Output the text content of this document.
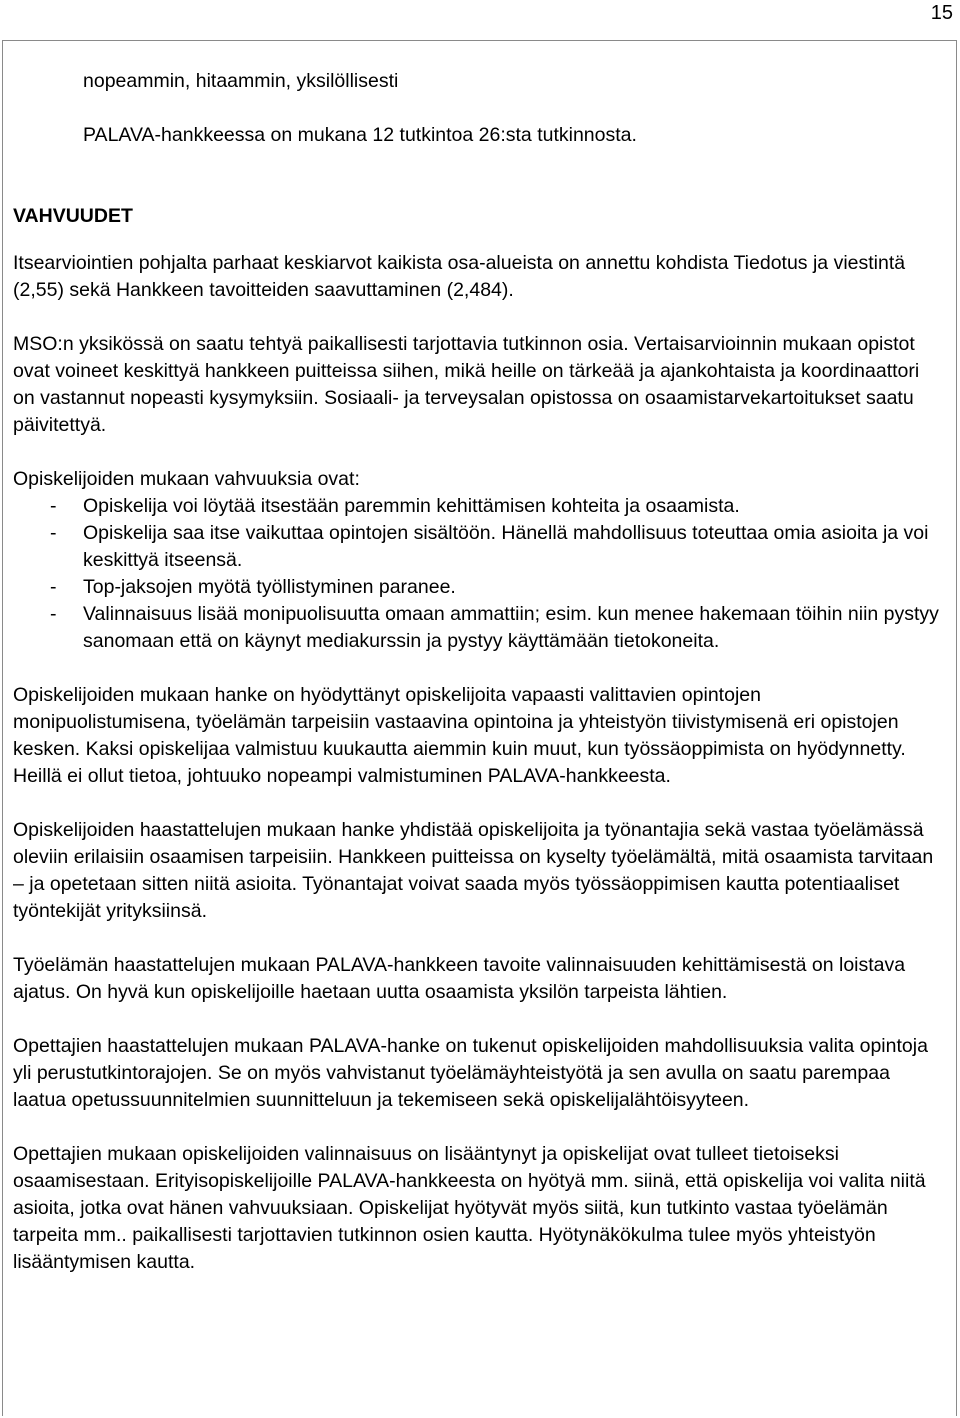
15

nopeammin, hitaammin, yksilöllisesti

PALAVA-hankkeessa on mukana 12 tutkintoa 26:sta tutkinnosta.

VAHVUUDET

Itsearviointien pohjalta parhaat keskiarvot kaikista osa-alueista on annettu kohdista Tiedotus ja viestintä (2,55) sekä Hankkeen tavoitteiden saavuttaminen (2,484).

MSO:n yksikössä on saatu tehtyä paikallisesti tarjottavia tutkinnon osia. Vertaisarvioinnin mukaan opistot ovat voineet keskittyä hankkeen puitteissa siihen, mikä heille on tärkeää ja ajankohtaista ja koordinaattori on vastannut nopeasti kysymyksiin. Sosiaali- ja terveysalan opistossa on osaamistarvekartoitukset saatu päivitettyä.

Opiskelijoiden mukaan vahvuuksia ovat:

- Opiskelija voi löytää itsestään paremmin kehittämisen kohteita ja osaamista.
- Opiskelija saa itse vaikuttaa opintojen sisältöön. Hänellä mahdollisuus toteuttaa omia asioita ja voi keskittyä itseensä.
- Top-jaksojen myötä työllistyminen paranee.
- Valinnaisuus lisää monipuolisuutta omaan ammattiin; esim. kun menee hakemaan töihin niin pystyy sanomaan että on käynyt mediakurssin ja pystyy käyttämään tietokoneita.

Opiskelijoiden mukaan hanke on hyödyttänyt opiskelijoita vapaasti valittavien opintojen monipuolistumisena, työelämän tarpeisiin vastaavina opintoina ja yhteistyön tiivistymisenä eri opistojen kesken. Kaksi opiskelijaa valmistuu kuukautta aiemmin kuin muut, kun työssäoppimista on hyödynnetty. Heillä ei ollut tietoa, johtuuko nopeampi valmistuminen PALAVA-hankkeesta.

Opiskelijoiden haastattelujen mukaan hanke yhdistää opiskelijoita ja työnantajia sekä vastaa työelämässä oleviin erilaisiin osaamisen tarpeisiin. Hankkeen puitteissa on kyselty työelämältä, mitä osaamista tarvitaan – ja opetetaan sitten niitä asioita. Työnantajat voivat saada myös työssäoppimisen kautta potentiaaliset työntekijät yrityksiinsä.

Työelämän haastattelujen mukaan PALAVA-hankkeen tavoite valinnaisuuden kehittämisestä on loistava ajatus. On hyvä kun opiskelijoille haetaan uutta osaamista yksilön tarpeista lähtien.

Opettajien haastattelujen mukaan PALAVA-hanke on tukenut opiskelijoiden mahdollisuuksia valita opintoja yli perustutkintorajojen. Se on myös vahvistanut työelämäyhteistyötä ja sen avulla on saatu parempaa laatua opetussuunnitelmien suunnitteluun ja tekemiseen sekä opiskelijalähtöisyyteen.

Opettajien mukaan opiskelijoiden valinnaisuus on lisääntynyt ja opiskelijat ovat tulleet tietoiseksi osaamisestaan. Erityisopiskelijoille PALAVA-hankkeesta on hyötyä mm. siinä, että opiskelija voi valita niitä asioita, jotka ovat hänen vahvuuksiaan. Opiskelijat hyötyvät myös siitä, kun tutkinto vastaa työelämän tarpeita mm.. paikallisesti tarjottavien tutkinnon osien kautta. Hyötynäkökulma tulee myös yhteistyön lisääntymisen kautta.
